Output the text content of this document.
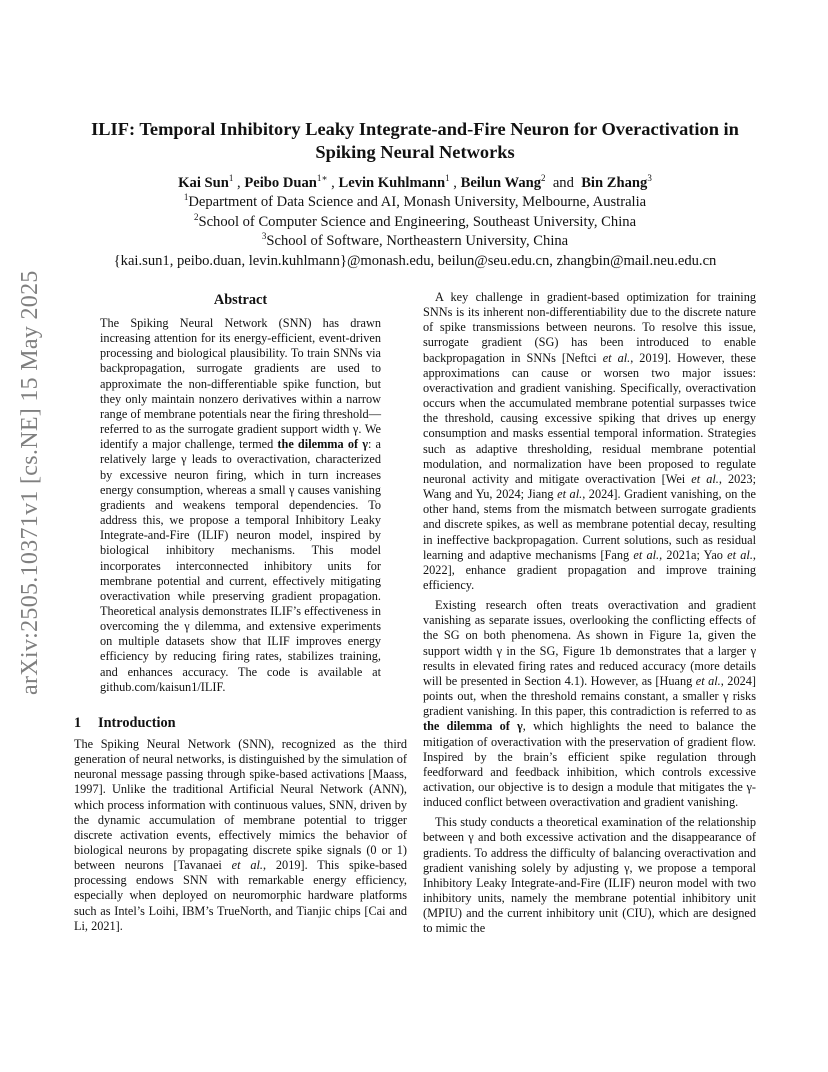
arXiv:2505.10371v1 [cs.NE] 15 May 2025
ILIF: Temporal Inhibitory Leaky Integrate-and-Fire Neuron for Overactivation in Spiking Neural Networks
Kai Sun$^1$ , Peibo Duan$^{1∗}$ , Levin Kuhlmann$^1$ , Beilun Wang$^2$ and Bin Zhang$^3$
$^1$Department of Data Science and AI, Monash University, Melbourne, Australia
$^2$School of Computer Science and Engineering, Southeast University, China
$^3$School of Software, Northeastern University, China
{kai.sun1, peibo.duan, levin.kuhlmann}@monash.edu, beilun@seu.edu.cn, zhangbin@mail.neu.edu.cn
Abstract

The Spiking Neural Network (SNN) has drawn increasing attention for its energy-efficient, event-driven processing and biological plausibility. To train SNNs via backpropagation, surrogate gradients are used to approximate the non-differentiable spike function, but they only maintain nonzero derivatives within a narrow range of membrane potentials near the firing threshold—referred to as the surrogate gradient support width γ. We identify a major challenge, termed the dilemma of γ: a relatively large γ leads to overactivation, characterized by excessive neuron firing, which in turn increases energy consumption, whereas a small γ causes vanishing gradients and weakens temporal dependencies. To address this, we propose a temporal Inhibitory Leaky Integrate-and-Fire (ILIF) neuron model, inspired by biological inhibitory mechanisms. This model incorporates interconnected inhibitory units for membrane potential and current, effectively mitigating overactivation while preserving gradient propagation. Theoretical analysis demonstrates ILIF’s effectiveness in overcoming the γ dilemma, and extensive experiments on multiple datasets show that ILIF improves energy efficiency by reducing firing rates, stabilizes training, and enhances accuracy. The code is available at github.com/kaisun1/ILIF.

1 Introduction

The Spiking Neural Network (SNN), recognized as the third generation of neural networks, is distinguished by the simulation of neuronal message passing through spike-based activations [Maass, 1997]. Unlike the traditional Artificial Neural Network (ANN), which process information with continuous values, SNN, driven by the dynamic accumulation of membrane potential to trigger discrete activation events, effectively mimics the behavior of biological neurons by propagating discrete spike signals (0 or 1) between neurons [Tavanaei et al., 2019]. This spike-based processing endows SNN with remarkable energy efficiency, especially when deployed on neuromorphic hardware platforms such as Intel’s Loihi, IBM’s TrueNorth, and Tianjic chips [Cai and Li, 2021].

A key challenge in gradient-based optimization for training SNNs is its inherent non-differentiability due to the discrete nature of spike transmissions between neurons. To resolve this issue, surrogate gradient (SG) has been introduced to enable backpropagation in SNNs [Neftci et al., 2019]. However, these approximations can cause or worsen two major issues: overactivation and gradient vanishing. Specifically, overactivation occurs when the accumulated membrane potential surpasses twice the threshold, causing excessive spiking that drives up energy consumption and masks essential temporal information. Strategies such as adaptive thresholding, residual membrane potential modulation, and normalization have been proposed to regulate neuronal activity and mitigate overactivation [Wei et al., 2023; Wang and Yu, 2024; Jiang et al., 2024]. Gradient vanishing, on the other hand, stems from the mismatch between surrogate gradients and discrete spikes, as well as membrane potential decay, resulting in ineffective backpropagation. Current solutions, such as residual learning and adaptive mechanisms [Fang et al., 2021a; Yao et al., 2022], enhance gradient propagation and improve training efficiency.

Existing research often treats overactivation and gradient vanishing as separate issues, overlooking the conflicting effects of the SG on both phenomena. As shown in Figure 1a, given the support width γ in the SG, Figure 1b demonstrates that a larger γ results in elevated firing rates and reduced accuracy (more details will be presented in Section 4.1). However, as [Huang et al., 2024] points out, when the threshold remains constant, a smaller γ risks gradient vanishing. In this paper, this contradiction is referred to as the dilemma of γ, which highlights the need to balance the mitigation of overactivation with the preservation of gradient flow. Inspired by the brain’s efficient spike regulation through feedforward and feedback inhibition, which controls excessive activation, our objective is to design a module that mitigates the γ-induced conflict between overactivation and gradient vanishing.

This study conducts a theoretical examination of the relationship between γ and both excessive activation and the disappearance of gradients. To address the difficulty of balancing overactivation and gradient vanishing solely by adjusting γ, we propose a temporal Inhibitory Leaky Integrate-and-Fire (ILIF) neuron model with two inhibitory units, namely the membrane potential inhibitory unit (MPIU) and the current inhibitory unit (CIU), which are designed to mimic the
